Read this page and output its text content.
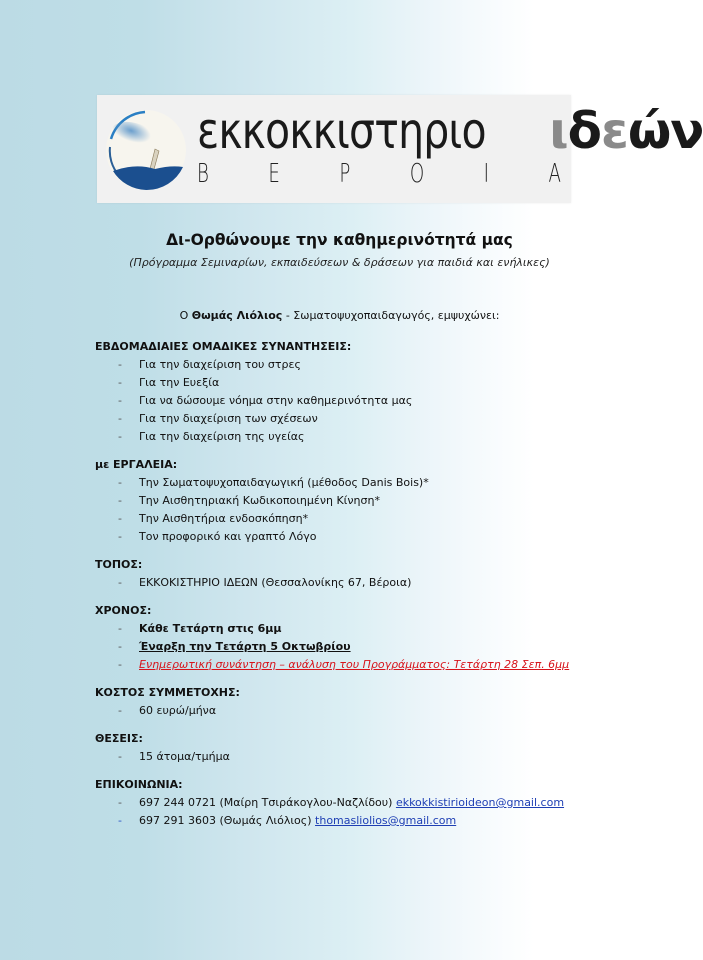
εκκοκκιστηριο ιδεών
Β Ε Ρ Ο Ι Α
Δι-Ορθώνουμε την καθημερινότητά μας
(Πρόγραμμα Σεμιναρίων, εκπαιδεύσεων & δράσεων για παιδιά και ενήλικες)
Ο Θωμάς Λιόλιος - Σωματοψυχοπαιδαγωγός, εμψυχώνει:

ΕΒΔΟΜΑΔΙΑΙΕΣ ΟΜΑΔΙΚΕΣ ΣΥΝΑΝΤΗΣΕΙΣ:

-	Για την διαχείριση του στρες
-	Για την Ευεξία
-	Για να δώσουμε νόημα στην καθημερινότητα μας
-	Για την διαχείριση των σχέσεων
-	Για την διαχείριση της υγείας

με ΕΡΓΑΛΕΙΑ:

-	Την Σωματοψυχοπαιδαγωγική (μέθοδος Danis Bois)*
-	Την Αισθητηριακή Κωδικοποιημένη Κίνηση*
-	Την Αισθητήρια ενδοσκόπηση*
-	Τον προφορικό και γραπτό Λόγο

ΤΟΠΟΣ:

-	ΕΚΚΟΚΙΣΤΗΡΙΟ ΙΔΕΩΝ (Θεσσαλονίκης 67, Βέροια)

ΧΡΟΝΟΣ:

-	Κάθε Τετάρτη στις 6μμ
-	Έναρξη την Τετάρτη 5 Οκτωβρίου
-	Ενημερωτική συνάντηση – ανάλυση του Προγράμματος: Τετάρτη 28 Σεπ. 6μμ

ΚΟΣΤΟΣ ΣΥΜΜΕΤΟΧΗΣ:

-	60 ευρώ/μήνα

ΘΕΣΕΙΣ:

-	15 άτομα/τμήμα

ΕΠΙΚΟΙΝΩΝΙΑ:

-	697 244 0721 (Μαίρη Τσιράκογλου-Ναζλίδου)
ekkokkistirioideon@gmail.com
-	697 291 3603 (Θωμάς Λιόλιος)
thomasliolios@gmail.com
